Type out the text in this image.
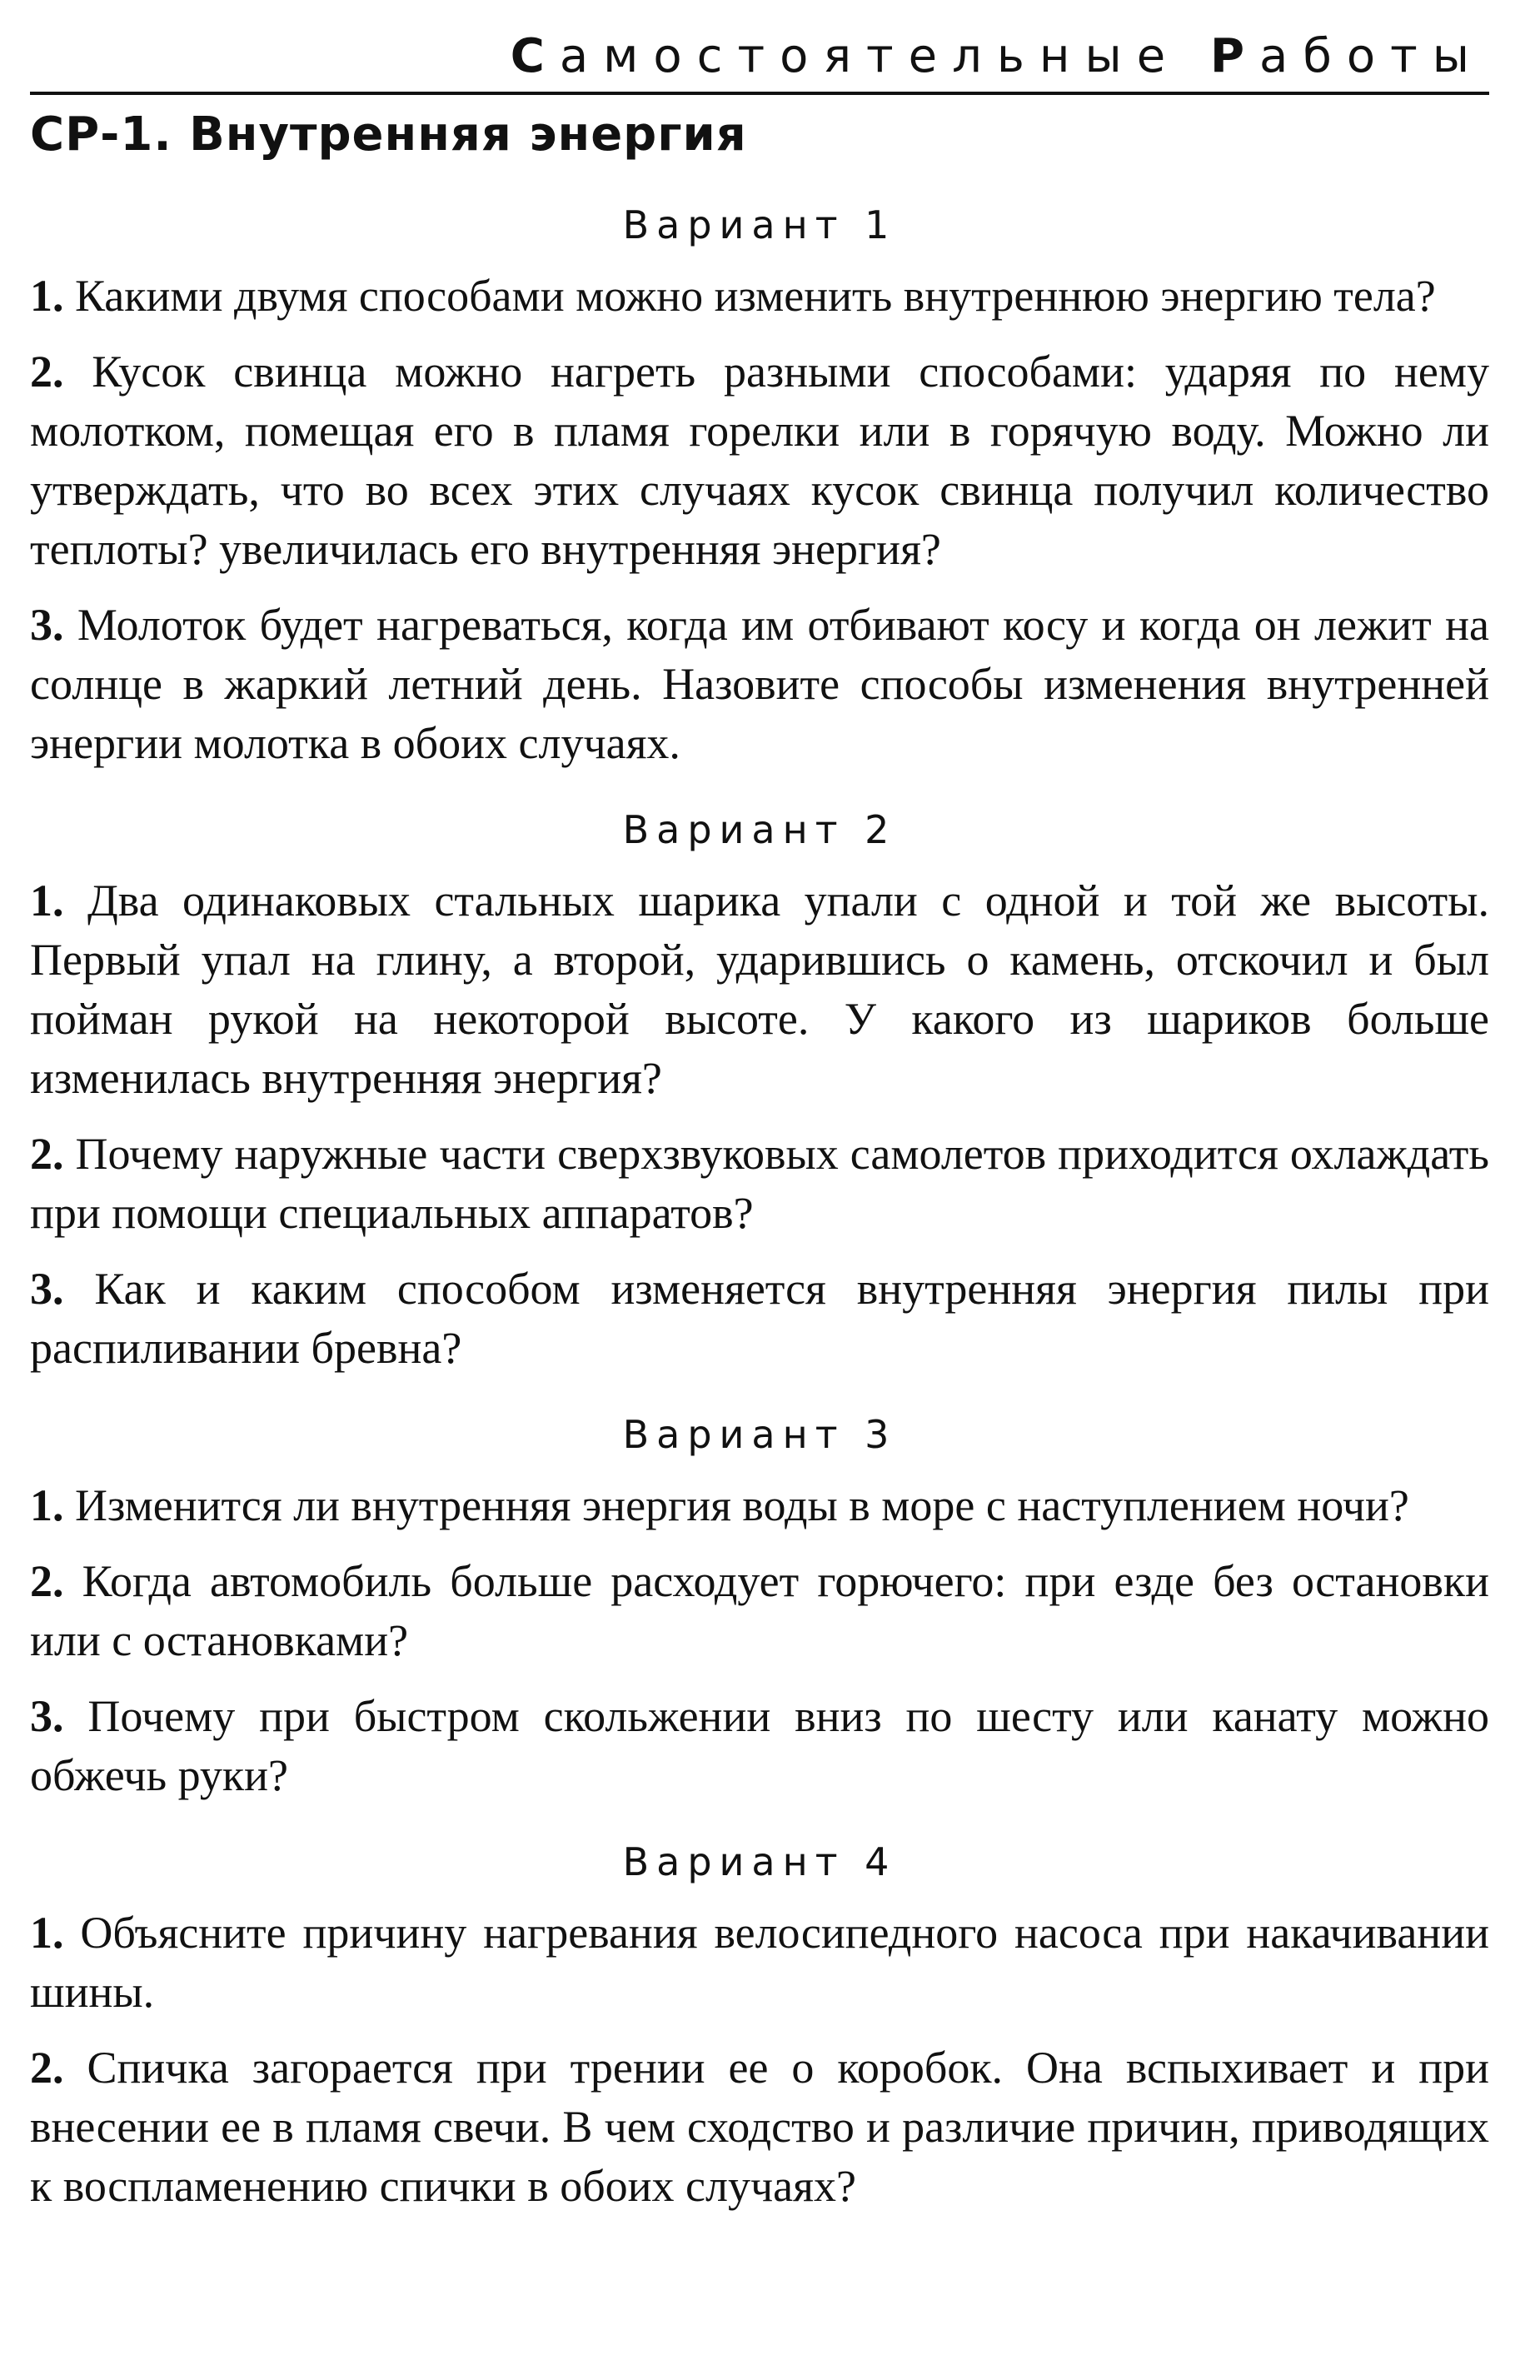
Самостоятельные Работы
СР-1. Внутренняя энергия
Вариант 1

1. Какими двумя способами можно изменить внутреннюю энергию тела?

2. Кусок свинца можно нагреть разными способами: ударяя по нему молотком, помещая его в пламя горелки или в горячую воду. Можно ли утверждать, что во всех этих случаях кусок свинца получил количество теплоты? увеличилась его внутренняя энергия?

3. Молоток будет нагреваться, когда им отбивают косу и когда он лежит на солнце в жаркий летний день. Назовите способы изменения внутренней энергии молотка в обоих случаях.

Вариант 2

1. Два одинаковых стальных шарика упали с одной и той же высоты. Первый упал на глину, а второй, ударившись о камень, отскочил и был пойман рукой на некоторой высоте. У какого из шариков больше изменилась внутренняя энергия?

2. Почему наружные части сверхзвуковых самолетов приходится охлаждать при помощи специальных аппаратов?

3. Как и каким способом изменяется внутренняя энергия пилы при распиливании бревна?

Вариант 3

1. Изменится ли внутренняя энергия воды в море с наступлением ночи?

2. Когда автомобиль больше расходует горючего: при езде без остановки или с остановками?

3. Почему при быстром скольжении вниз по шесту или канату можно обжечь руки?

Вариант 4

1. Объясните причину нагревания велосипедного насоса при накачивании шины.

2. Спичка загорается при трении ее о коробок. Она вспыхивает и при внесении ее в пламя свечи. В чем сходство и различие причин, приводящих к воспламенению спички в обоих случаях?
